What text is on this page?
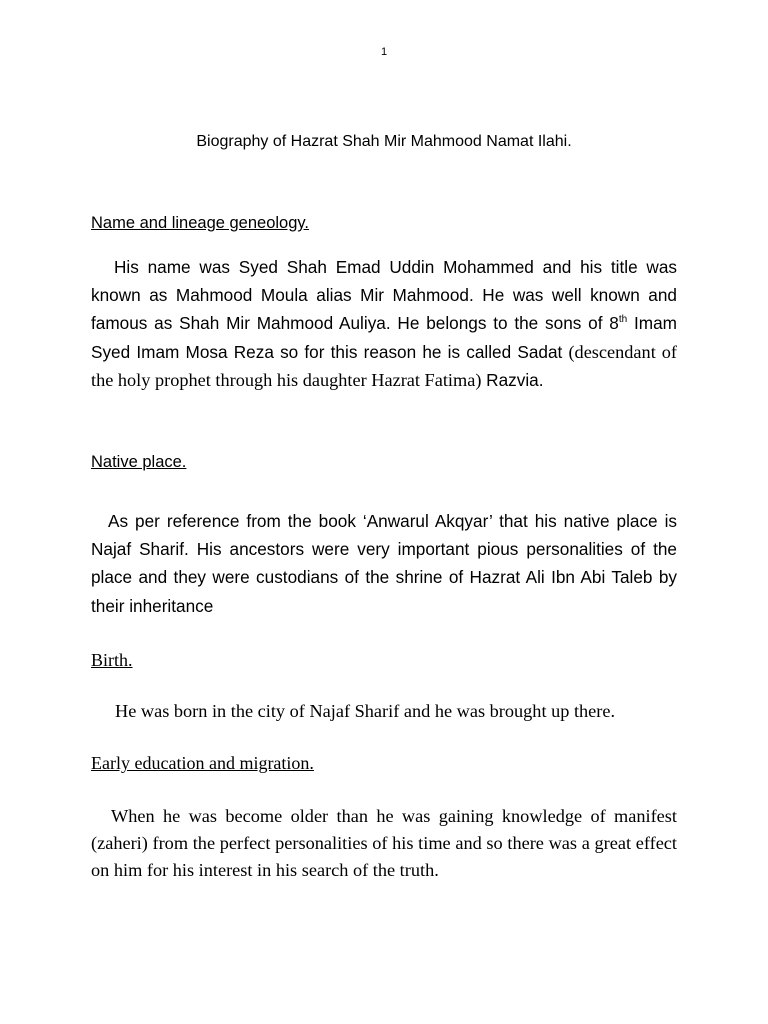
1
Biography of Hazrat Shah Mir Mahmood Namat Ilahi.
Name and lineage geneology.

His name was Syed Shah Emad Uddin Mohammed and his title was known as Mahmood Moula alias Mir Mahmood. He was well known and famous as Shah Mir Mahmood Auliya. He belongs to the sons of 8th Imam Syed Imam Mosa Reza so for this reason he is called Sadat (descendant of the holy prophet through his daughter Hazrat Fatima) Razvia.

Native place.

As per reference from the book ‘Anwarul Akqyar’ that his native place is Najaf Sharif. His ancestors were very important pious personalities of the place and they were custodians of the shrine of Hazrat Ali Ibn Abi Taleb by their inheritance

Birth.

He was born in the city of Najaf Sharif and he was brought up there.

Early education and migration.

When he was become older than he was gaining knowledge of manifest (zaheri) from the perfect personalities of his time and so there was a great effect on him for his interest in his search of the truth.
